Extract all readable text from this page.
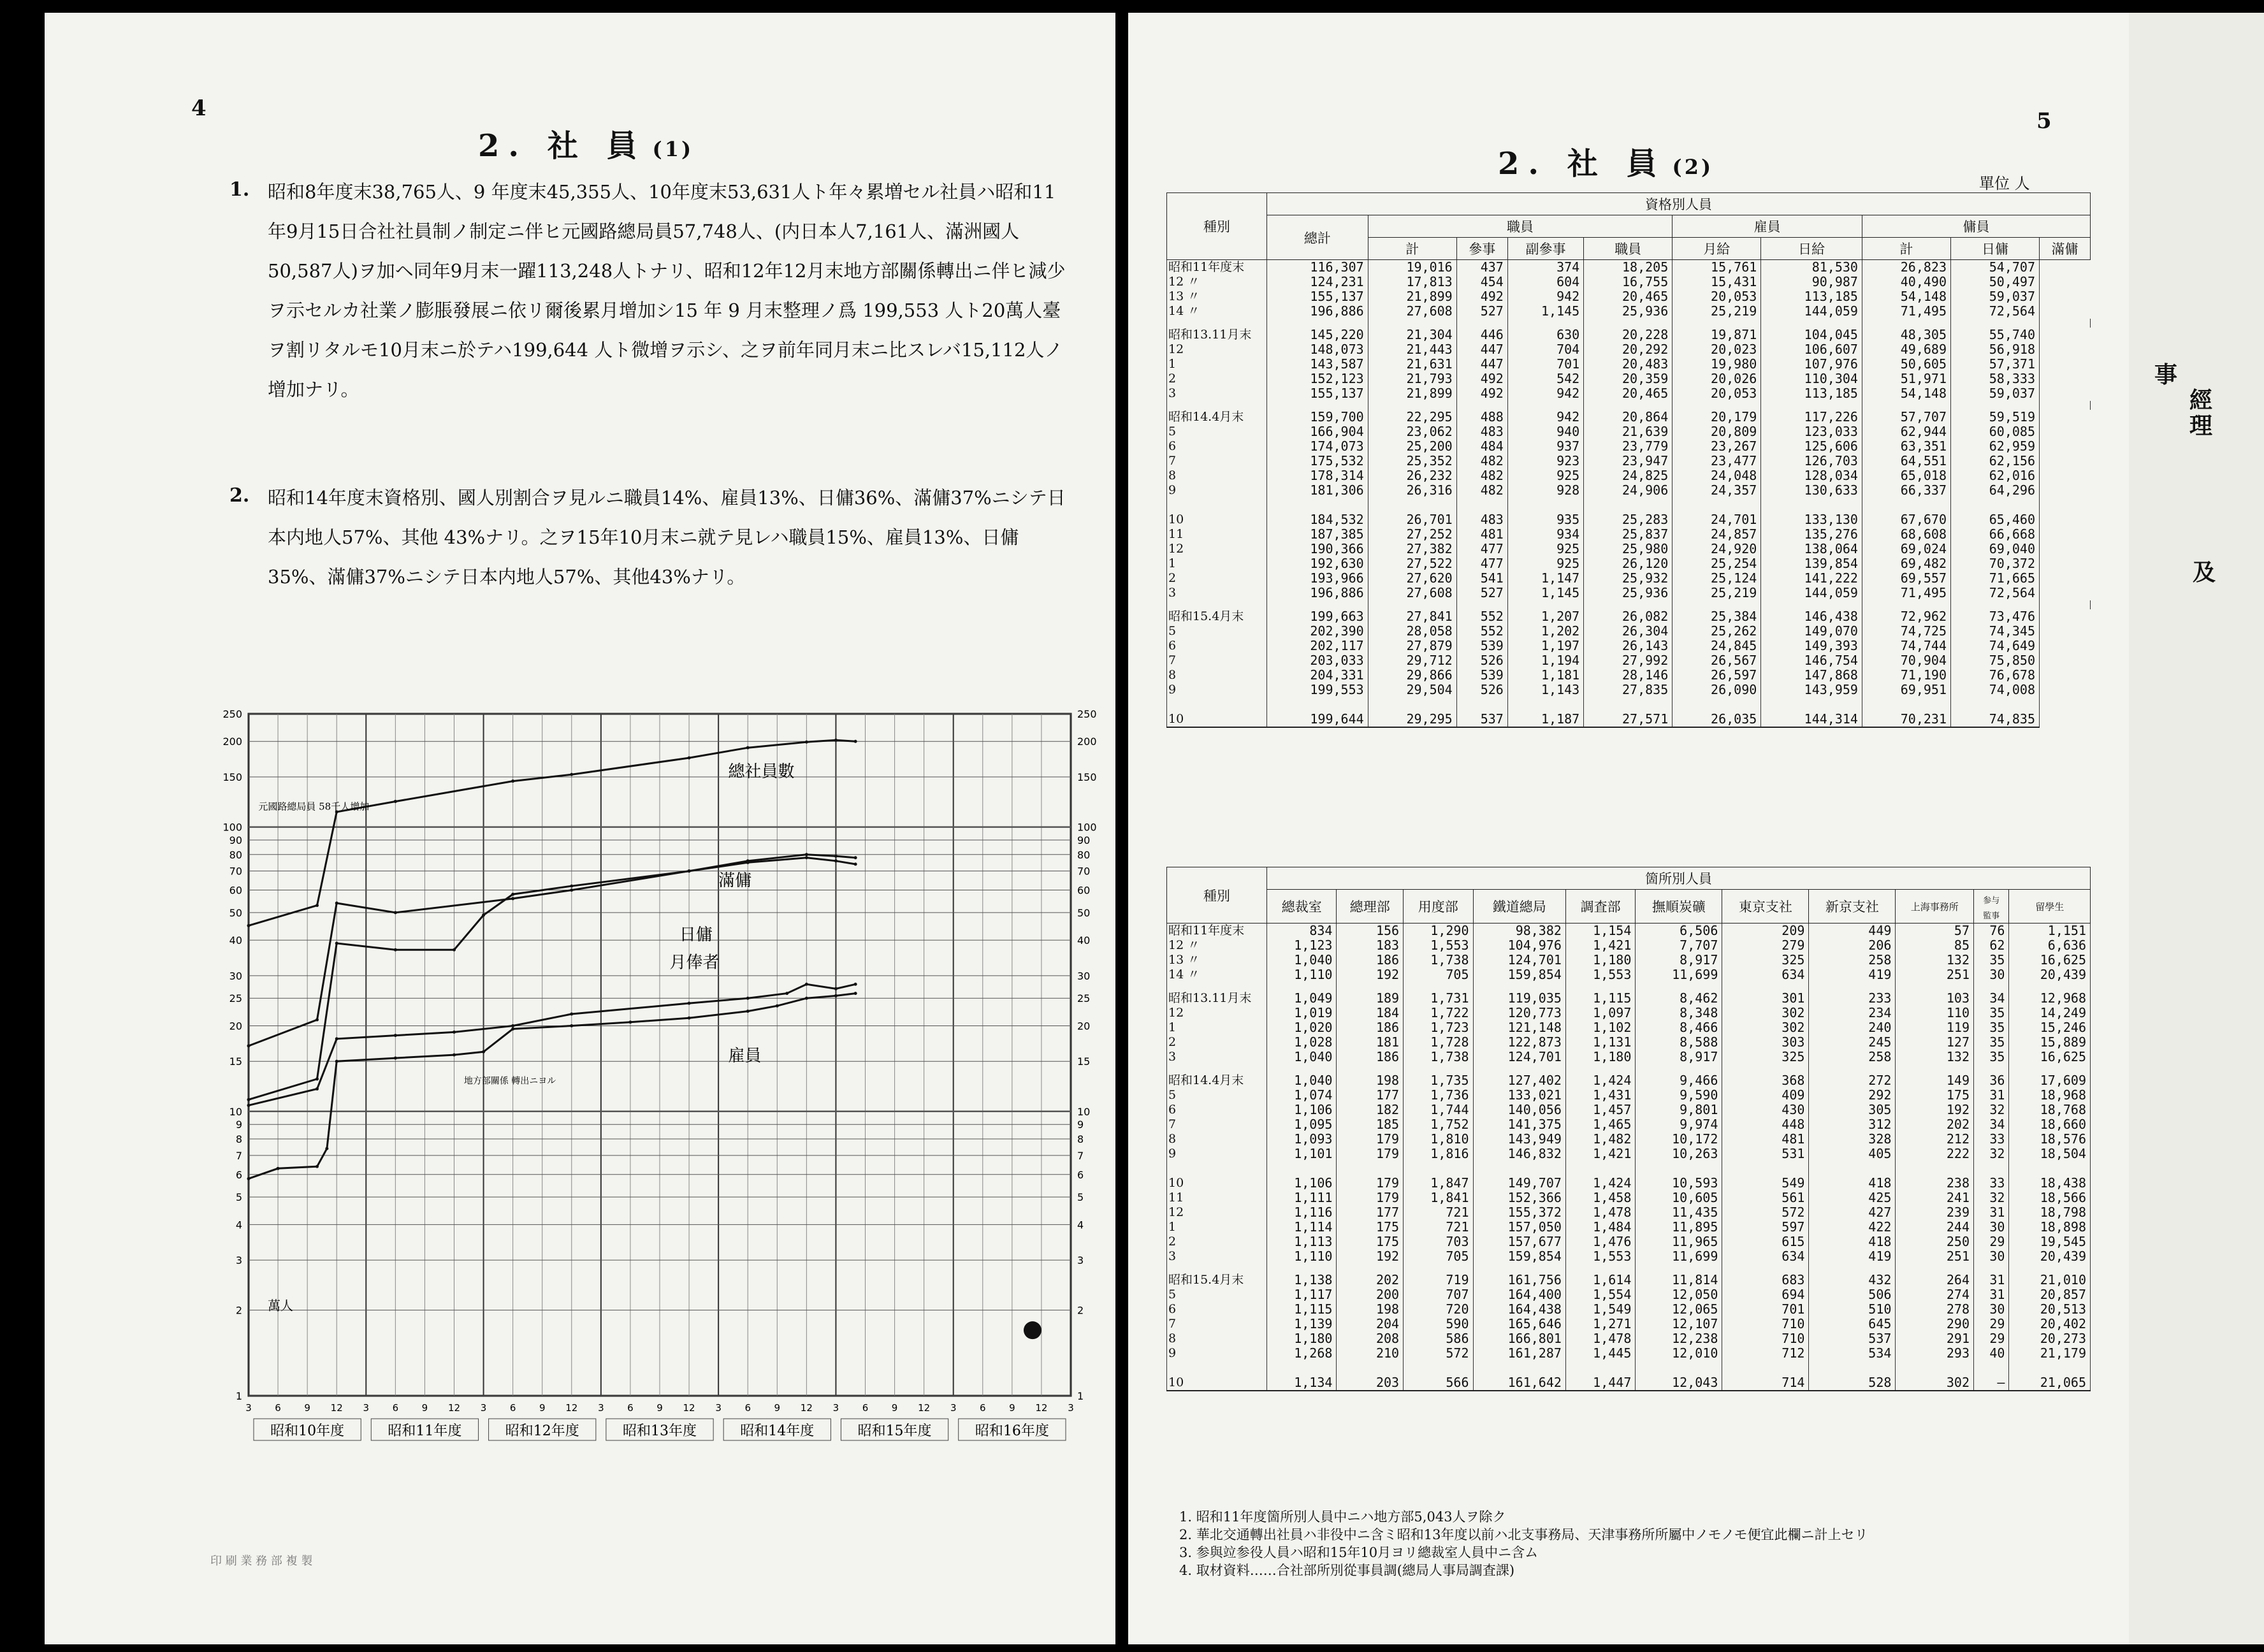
4
2. 社 員 (1)
1. 昭和8年度末38,765人、9 年度末45,355人、10年度末53,631人ト年々累増セル社員ハ昭和11年9月15日合社社員制ノ制定ニ伴ヒ元國路總局員57,748人、(内日本人7,161人、滿洲國人50,587人)ヲ加ヘ同年9月末一躍113,248人トナリ、昭和12年12月末地方部關係轉出ニ伴ヒ減少ヲ示セルカ社業ノ膨脹發展ニ依リ爾後累月增加シ15 年 9 月末整理ノ爲 199,553 人ト20萬人臺ヲ割リタルモ10月末ニ於テハ199,644 人ト微增ヲ示シ、之ヲ前年同月末ニ比スレバ15,112人ノ增加ナリ。
2. 昭和14年度末資格別、國人別割合ヲ見ルニ職員14%、雇員13%、日傭36%、滿傭37%ニシテ日本内地人57%、其他 43%ナリ。之ヲ15年10月末ニ就テ見レハ職員15%、雇員13%、日傭35%、滿傭37%ニシテ日本内地人57%、其他43%ナリ。
250
200
150
100
90
80
70
60
50
40
30
25
20
15
10
9
8
7
6
5
4
3
2
1
250
200
150
100
90
80
70
60
50
40
30
25
20
15
10
9
8
7
6
5
4
3
2
1
萬人
3 6 9 12 3 6 9 12 3 6 9 12 3 6 9 12 3 6 9 12 3 6 9 12 3 6 9 12 3
昭和10年度	昭和11年度	昭和12年度	昭和13年度	昭和14年度	昭和15年度	昭和16年度
總社員數
滿傭
日傭
月俸者
雇員
元國路總局員 58千人增加
地方部關係 轉出ニヨル
印 刷 業 務 部 複 製
5
2. 社 員 (2)
單位 人
種別	資格別人員									
	總計	職員				雇員		傭員		
		計	參事	副參事	職員	月給	日給	計	日傭	滿傭
昭和11年度末	116,307	19,016	437	374	18,205	15,761	81,530	26,823	54,707	
12 〃	124,231	17,813	454	604	16,755	15,431	90,987	40,490	50,497	
13 〃	155,137	21,899	492	942	20,465	20,053	113,185	54,148	59,037	
14 〃	196,886	27,608	527	1,145	25,936	25,219	144,059	71,495	72,564	

昭和13.11月末	145,220	21,304	446	630	20,228	19,871	104,045	48,305	55,740	
12	148,073	21,443	447	704	20,292	20,023	106,607	49,689	56,918	
1	143,587	21,631	447	701	20,483	19,980	107,976	50,605	57,371	
2	152,123	21,793	492	542	20,359	20,026	110,304	51,971	58,333	
3	155,137	21,899	492	942	20,465	20,053	113,185	54,148	59,037	

昭和14.4月末	159,700	22,295	488	942	20,864	20,179	117,226	57,707	59,519	
5	166,904	23,062	483	940	21,639	20,809	123,033	62,944	60,085	
6	174,073	25,200	484	937	23,779	23,267	125,606	63,351	62,959	
7	175,532	25,352	482	923	23,947	23,477	126,703	64,551	62,156	
8	178,314	26,232	482	925	24,825	24,048	128,034	65,018	62,016	
9	181,306	26,316	482	928	24,906	24,357	130,633	66,337	64,296	

10	184,532	26,701	483	935	25,283	24,701	133,130	67,670	65,460	
11	187,385	27,252	481	934	25,837	24,857	135,276	68,608	66,668	
12	190,366	27,382	477	925	25,980	24,920	138,064	69,024	69,040	
1	192,630	27,522	477	925	26,120	25,254	139,854	69,482	70,372	
2	193,966	27,620	541	1,147	25,932	25,124	141,222	69,557	71,665	
3	196,886	27,608	527	1,145	25,936	25,219	144,059	71,495	72,564	

昭和15.4月末	199,663	27,841	552	1,207	26,082	25,384	146,438	72,962	73,476	
5	202,390	28,058	552	1,202	26,304	25,262	149,070	74,725	74,345	
6	202,117	27,879	539	1,197	26,143	24,845	149,393	74,744	74,649	
7	203,033	29,712	526	1,194	27,992	26,567	146,754	70,904	75,850	
8	204,331	29,866	539	1,181	28,146	26,597	147,868	71,190	76,678	
9	199,553	29,504	526	1,143	27,835	26,090	143,959	69,951	74,008	

10	199,644	29,295	537	1,187	27,571	26,035	144,314	70,231	74,835	
種別	箇所別人員										
	總裁室	總理部	用度部	鐵道總局	調査部	撫順炭礦	東京支社	新京支社	上海事務所	参与
監事	留學生
昭和11年度末	834	156	1,290	98,382	1,154	6,506	209	449	57	76	1,151
12 〃	1,123	183	1,553	104,976	1,421	7,707	279	206	85	62	6,636
13 〃	1,040	186	1,738	124,701	1,180	8,917	325	258	132	35	16,625
14 〃	1,110	192	705	159,854	1,553	11,699	634	419	251	30	20,439

昭和13.11月末	1,049	189	1,731	119,035	1,115	8,462	301	233	103	34	12,968
12	1,019	184	1,722	120,773	1,097	8,348	302	234	110	35	14,249
1	1,020	186	1,723	121,148	1,102	8,466	302	240	119	35	15,246
2	1,028	181	1,728	122,873	1,131	8,588	303	245	127	35	15,889
3	1,040	186	1,738	124,701	1,180	8,917	325	258	132	35	16,625

昭和14.4月末	1,040	198	1,735	127,402	1,424	9,466	368	272	149	36	17,609
5	1,074	177	1,736	133,021	1,431	9,590	409	292	175	31	18,968
6	1,106	182	1,744	140,056	1,457	9,801	430	305	192	32	18,768
7	1,095	185	1,752	141,375	1,465	9,974	448	312	202	34	18,660
8	1,093	179	1,810	143,949	1,482	10,172	481	328	212	33	18,576
9	1,101	179	1,816	146,832	1,421	10,263	531	405	222	32	18,504

10	1,106	179	1,847	149,707	1,424	10,593	549	418	238	33	18,438
11	1,111	179	1,841	152,366	1,458	10,605	561	425	241	32	18,566
12	1,116	177	721	155,372	1,478	11,435	572	427	239	31	18,798
1	1,114	175	721	157,050	1,484	11,895	597	422	244	30	18,898
2	1,113	175	703	157,677	1,476	11,965	615	418	250	29	19,545
3	1,110	192	705	159,854	1,553	11,699	634	419	251	30	20,439

昭和15.4月末	1,138	202	719	161,756	1,614	11,814	683	432	264	31	21,010
5	1,117	200	707	164,400	1,554	12,050	694	506	274	31	20,857
6	1,115	198	720	164,438	1,549	12,065	701	510	278	30	20,513
7	1,139	204	590	165,646	1,271	12,107	710	645	290	29	20,402
8	1,180	208	586	166,801	1,478	12,238	710	537	291	29	20,273
9	1,268	210	572	161,287	1,445	12,010	712	534	293	40	21,179

10	1,134	203	566	161,642	1,447	12,043	714	528	302	—	21,065
1. 昭和11年度箇所別人員中ニハ地方部5,043人ヲ除ク
2. 華北交通轉出社員ハ非役中ニ含ミ昭和13年度以前ハ北支事務局、天津事務所所屬中ノモノモ便宜此欄ニ計上セリ
3. 参與竝参役人員ハ昭和15年10月ヨリ總裁室人員中ニ含ム
4. 取材資料……合社部所別從事員調(總局人事局調査課)
事
經
理
及
